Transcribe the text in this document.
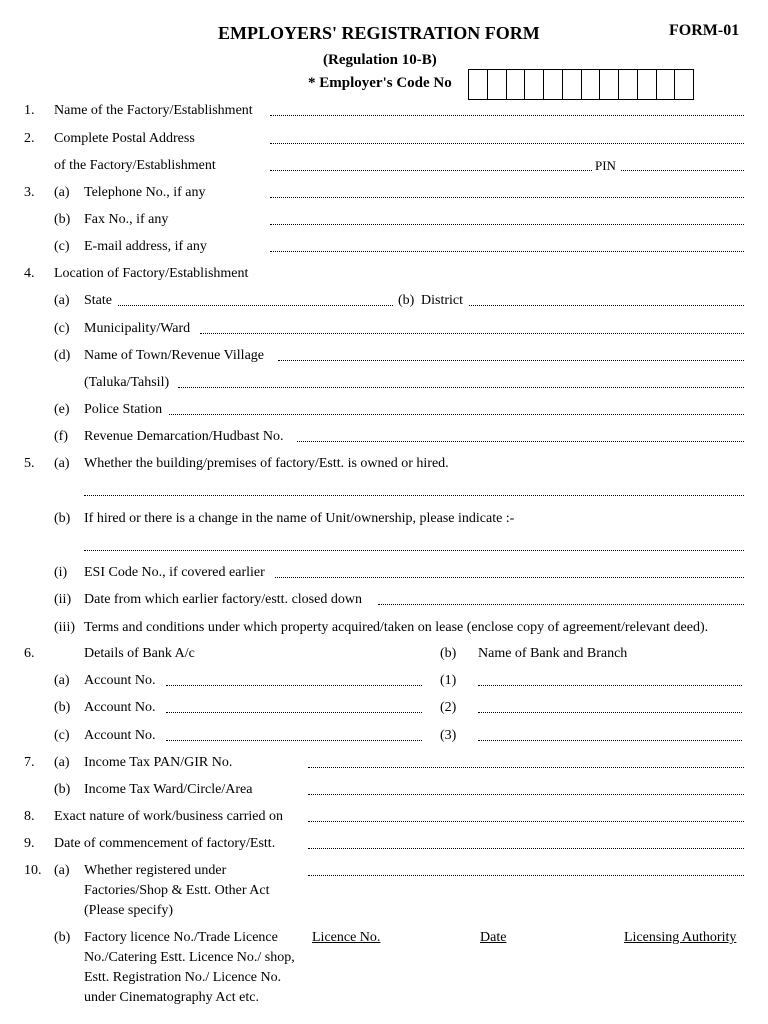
EMPLOYERS' REGISTRATION FORM	FORM-01
(Regulation 10-B)
* Employer's Code No
1. Name of the Factory/Establishment
2. Complete Postal Address
of the Factory/Establishment	PIN
3. (a) Telephone No., if any
(b) Fax No., if any
(c) E-mail address, if any
4. Location of Factory/Establishment
(a) State	(b) District
(c) Municipality/Ward
(d) Name of Town/Revenue Village
(Taluka/Tahsil)
(e) Police Station
(f) Revenue Demarcation/Hudbast No.
5. (a) Whether the building/premises of factory/Estt. is owned or hired.
(b) If hired or there is a change in the name of Unit/ownership, please indicate :-
(i) ESI Code No., if covered earlier
(ii) Date from which earlier factory/estt. closed down
(iii) Terms and conditions under which property acquired/taken on lease (enclose copy of agreement/relevant deed).
6.	Details of Bank A/c	(b) Name of Bank and Branch
(a) Account No.	(1)
(b) Account No.	(2)
(c) Account No.	(3)
7. (a) Income Tax PAN/GIR No.
(b) Income Tax Ward/Circle/Area
8. Exact nature of work/business carried on
9. Date of commencement of factory/Estt.
10. (a) Whether registered under Factories/Shop & Estt. Other Act (Please specify)
(b) Factory licence No./Trade Licence No./Catering Estt. Licence No./ shop, Estt. Registration No./ Licence No. under Cinematography Act etc.
Licence No.	Date	Licensing Authority
